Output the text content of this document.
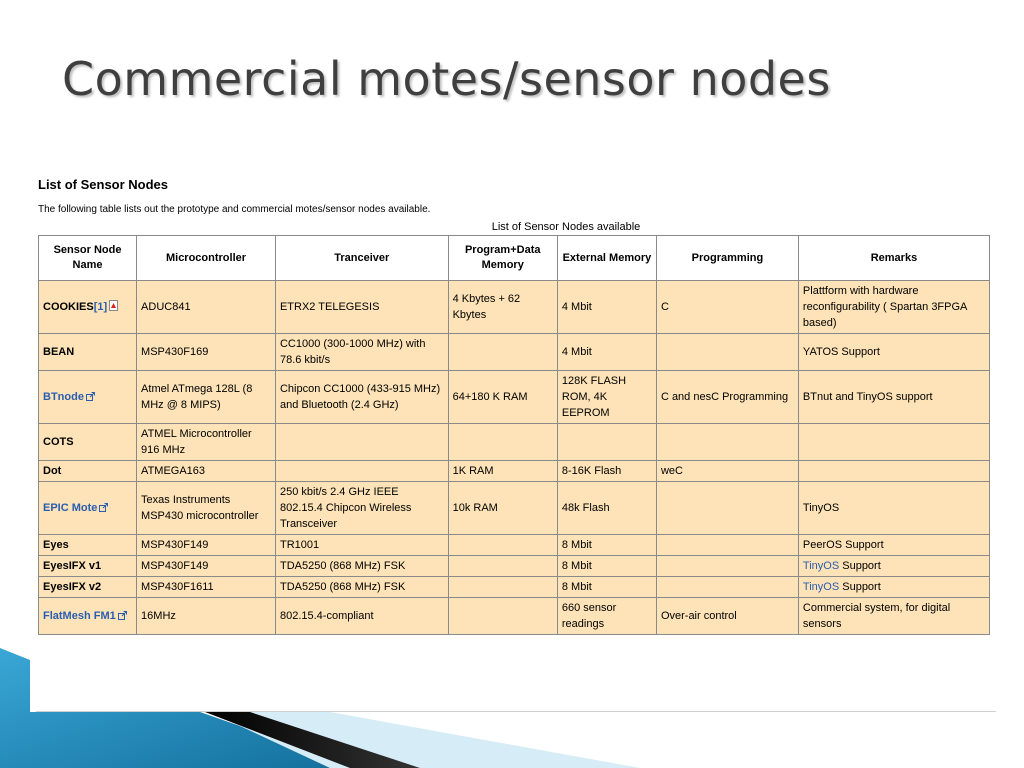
Commercial motes/sensor nodes
List of Sensor Nodes
The following table lists out the prototype and commercial motes/sensor nodes available.
List of Sensor Nodes available
Sensor Node Name	Microcontroller	Tranceiver	Program+Data Memory	External Memory	Programming	Remarks
COOKIES[1]	ADUC841	ETRX2 TELEGESIS	4 Kbytes + 62 Kbytes	4 Mbit	C	Plattform with hardware reconfigurability ( Spartan 3FPGA based)
BEAN	MSP430F169	CC1000 (300-1000 MHz) with 78.6 kbit/s		4 Mbit		YATOS Support
BTnode	Atmel ATmega 128L (8 MHz @ 8 MIPS)	Chipcon CC1000 (433-915 MHz) and Bluetooth (2.4 GHz)	64+180 K RAM	128K FLASH ROM, 4K EEPROM	C and nesC Programming	BTnut and TinyOS support
COTS	ATMEL Microcontroller 916 MHz					
Dot	ATMEGA163		1K RAM	8-16K Flash	weC	
EPIC Mote	Texas Instruments MSP430 microcontroller	250 kbit/s 2.4 GHz IEEE 802.15.4 Chipcon Wireless Transceiver	10k RAM	48k Flash		TinyOS
Eyes	MSP430F149	TR1001		8 Mbit		PeerOS Support
EyesIFX v1	MSP430F149	TDA5250 (868 MHz) FSK		8 Mbit		TinyOS Support
EyesIFX v2	MSP430F1611	TDA5250 (868 MHz) FSK		8 Mbit		TinyOS Support
FlatMesh FM1	16MHz	802.15.4-compliant		660 sensor readings	Over-air control	Commercial system, for digital sensors
